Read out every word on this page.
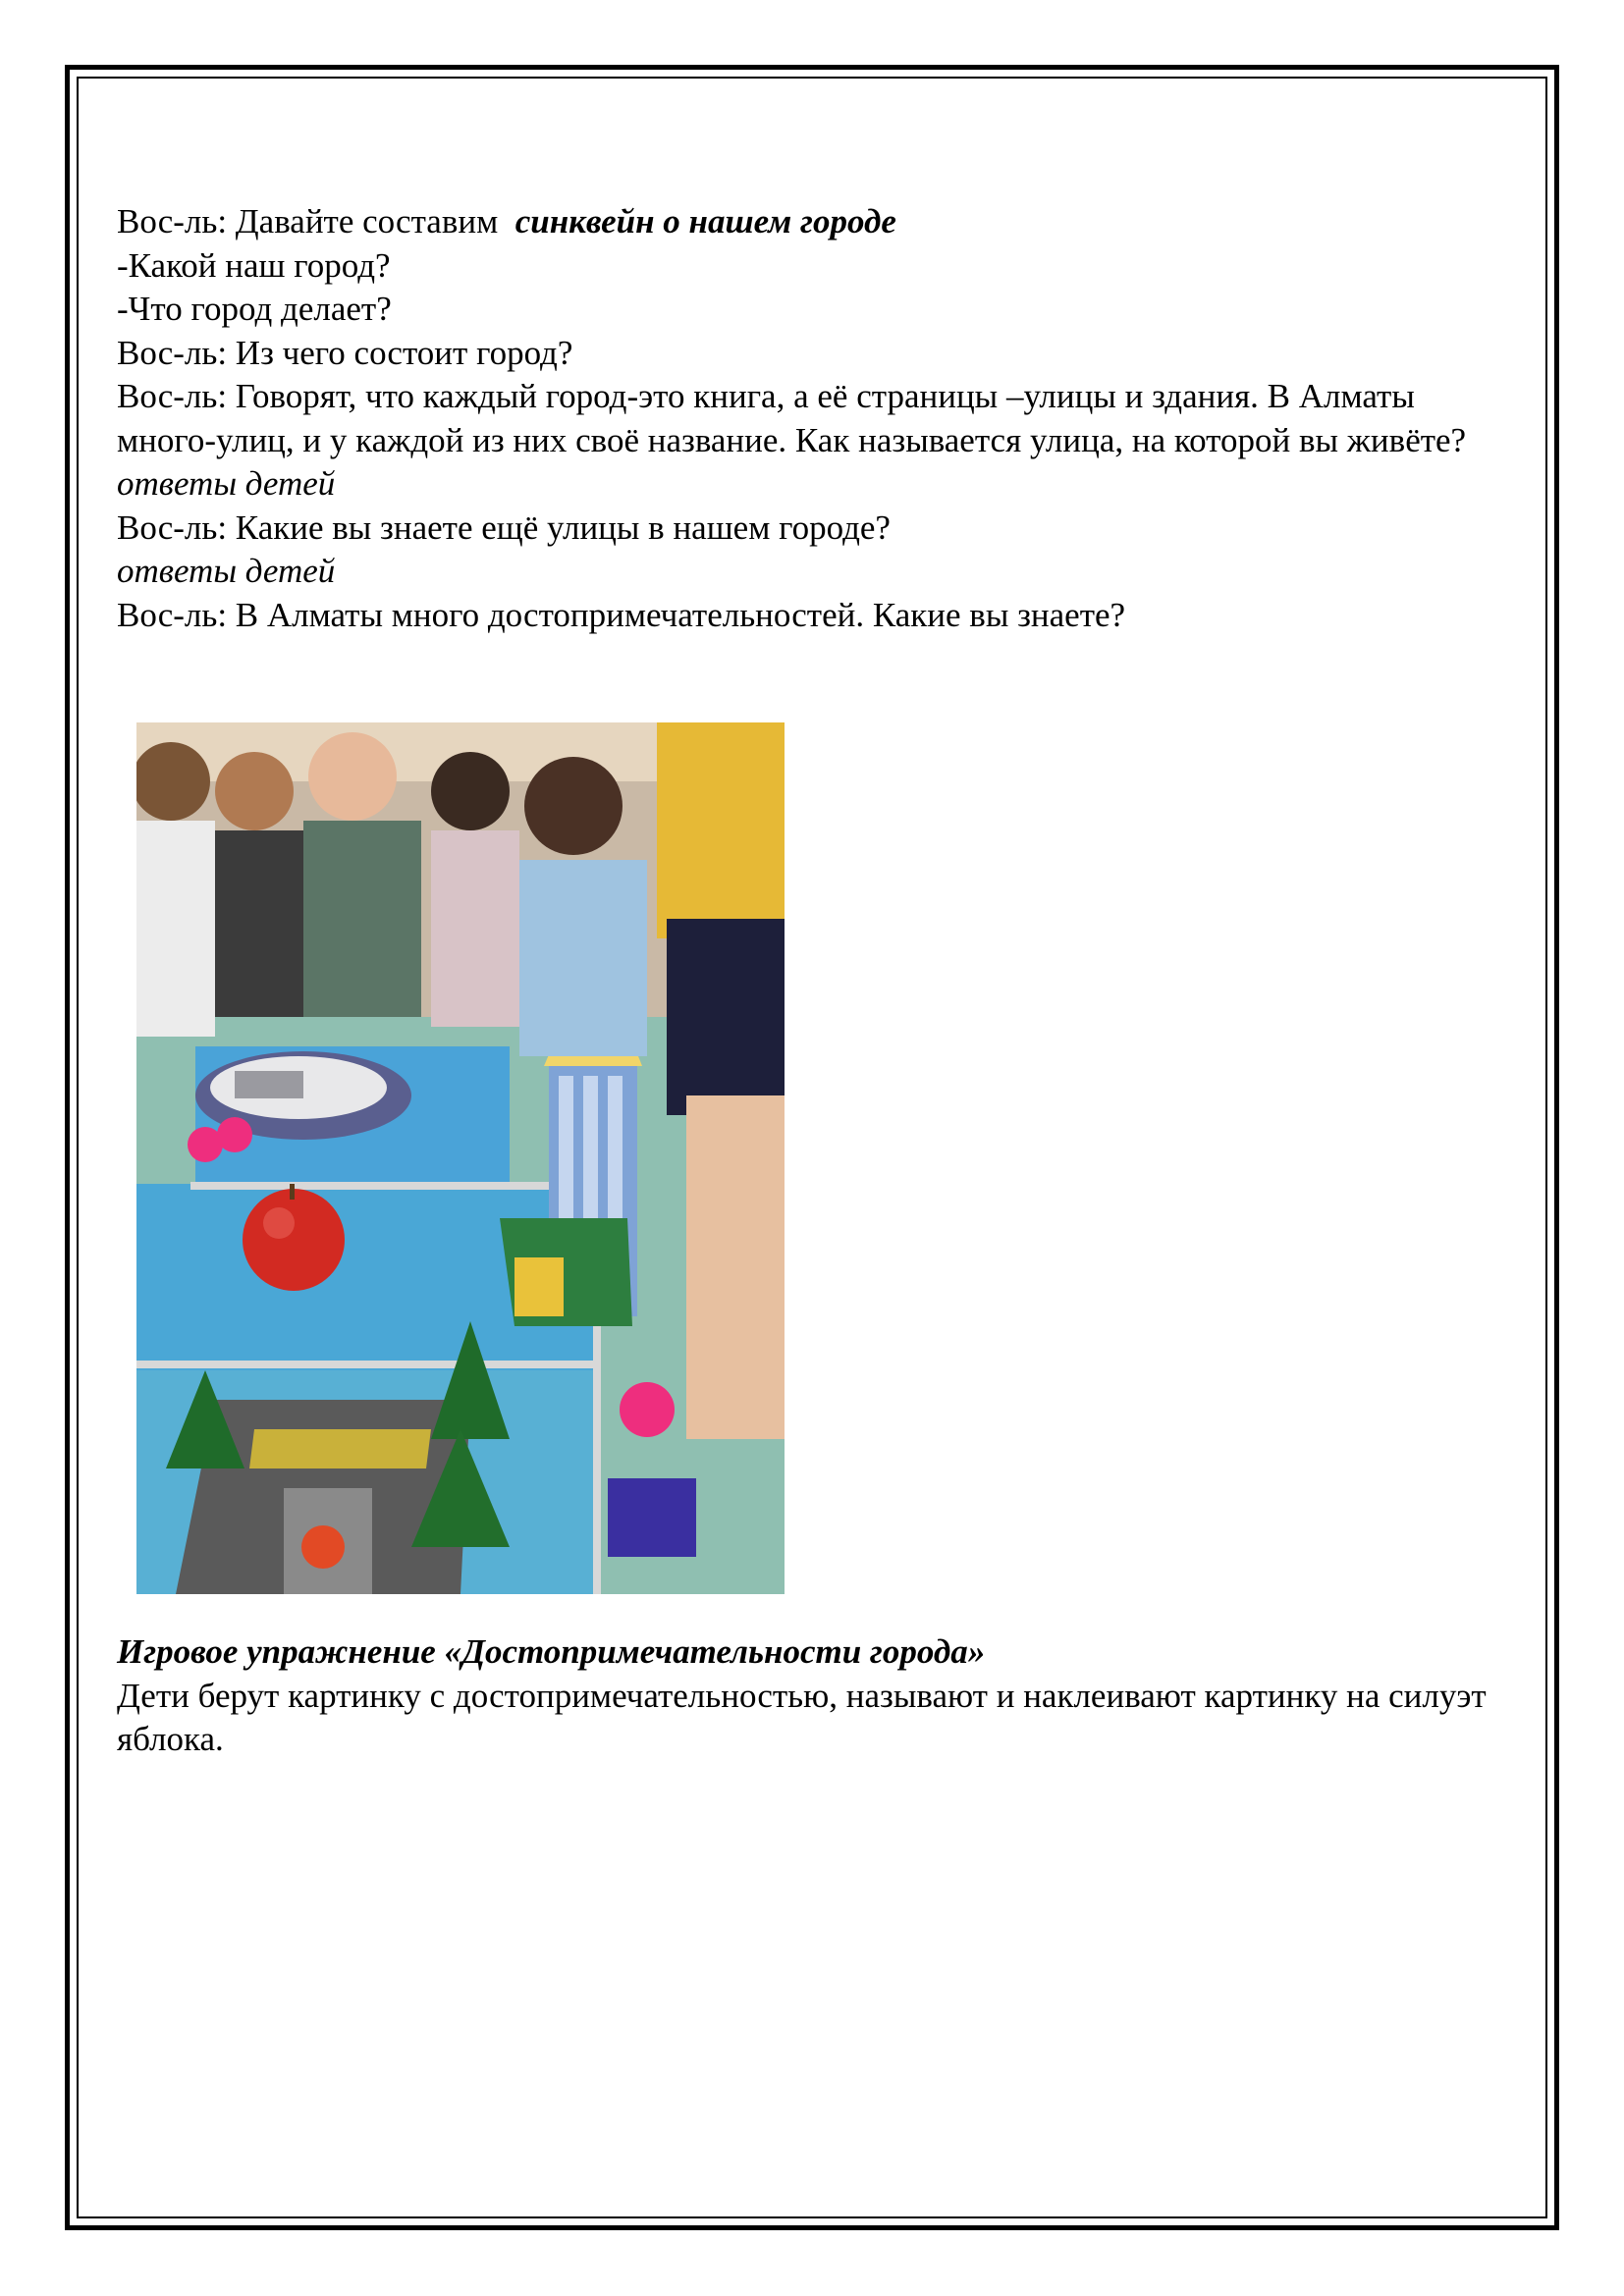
Вос-ль: Давайте составим  синквейн о нашем городе

-Какой наш город?

-Что город делает?

Вос-ль: Из чего состоит город?

Вос-ль: Говорят, что каждый город-это книга, а её страницы –улицы и здания. В Алматы много-улиц, и у каждой из них своё название. Как называется улица, на которой вы живёте?

ответы детей

Вос-ль: Какие вы знаете ещё улицы в нашем городе?

ответы детей

Вос-ль: В Алматы много достопримечательностей. Какие вы знаете?

Игровое упражнение «Достопримечательности города»

Дети берут картинку с достопримечательностью, называют и наклеивают картинку на силуэт яблока.
